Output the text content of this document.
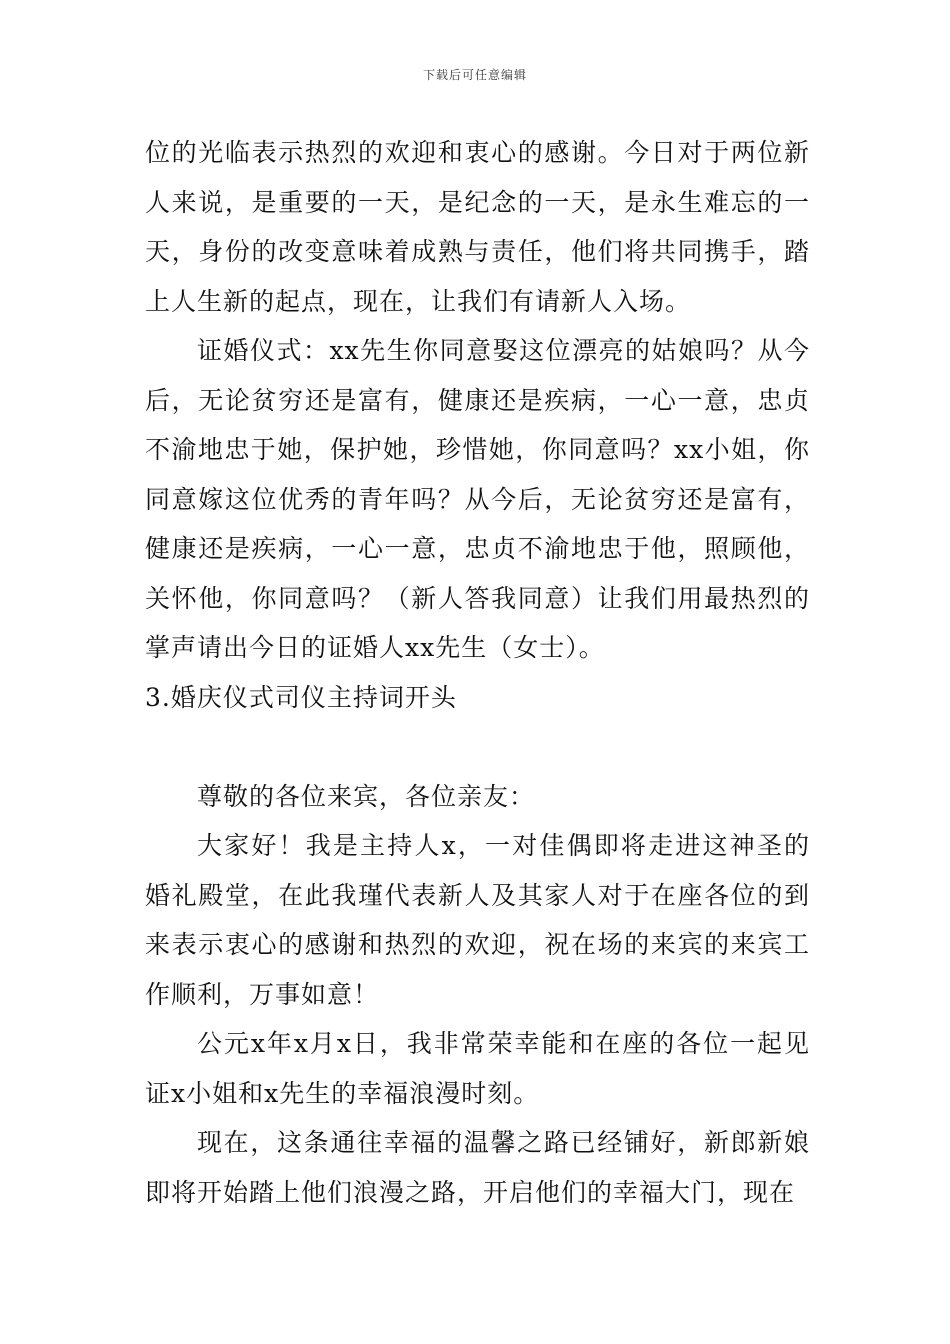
下载后可任意编辑

位的光临表示热烈的欢迎和衷心的感谢。今日对于两位新人来说，是重要的一天，是纪念的一天，是永生难忘的一天，身份的改变意味着成熟与责任，他们将共同携手，踏上人生新的起点，现在，让我们有请新人入场。

证婚仪式：xx先生你同意娶这位漂亮的姑娘吗？从今后，无论贫穷还是富有，健康还是疾病，一心一意，忠贞不渝地忠于她，保护她，珍惜她，你同意吗？xx小姐，你同意嫁这位优秀的青年吗？从今后，无论贫穷还是富有，健康还是疾病，一心一意，忠贞不渝地忠于他，照顾他，关怀他，你同意吗？（新人答我同意）让我们用最热烈的掌声请出今日的证婚人xx先生（女士）。

3.婚庆仪式司仪主持词开头

尊敬的各位来宾，各位亲友：

大家好！我是主持人x，一对佳偶即将走进这神圣的婚礼殿堂，在此我瑾代表新人及其家人对于在座各位的到来表示衷心的感谢和热烈的欢迎，祝在场的来宾的来宾工作顺利，万事如意！

公元x年x月x日，我非常荣幸能和在座的各位一起见证x小姐和x先生的幸福浪漫时刻。

现在，这条通往幸福的温馨之路已经铺好，新郎新娘即将开始踏上他们浪漫之路，开启他们的幸福大门，现在
